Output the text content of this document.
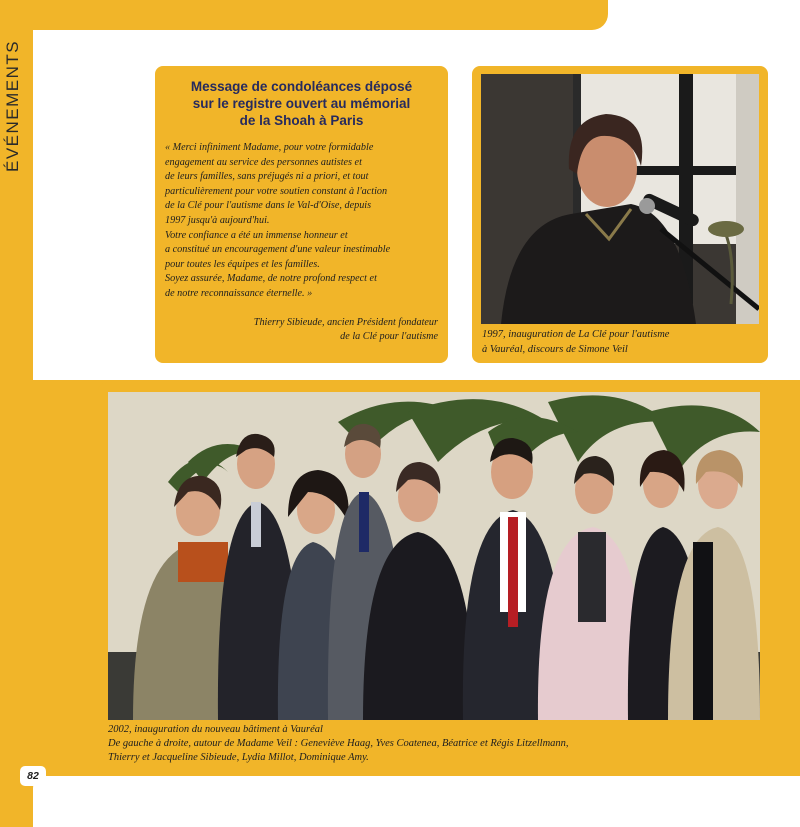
ÉVÉNEMENTS	Message de condoléances déposé
sur le registre ouvert au mémorial
de la Shoah à Paris
« Merci infiniment Madame, pour votre formidable
engagement au service des personnes autistes et
de leurs familles, sans préjugés ni a priori, et tout
particulièrement pour votre soutien constant à l'action
de la Clé pour l'autisme dans le Val-d'Oise, depuis
1997 jusqu'à aujourd'hui.
Votre confiance a été un immense honneur et
a constitué un encouragement d'une valeur inestimable
pour toutes les équipes et les familles.
Soyez assurée, Madame, de notre profond respect et
de notre reconnaissance éternelle. »
Thierry Sibieude, ancien Président fondateur
de la Clé pour l'autisme	1997, inauguration de La Clé pour l'autisme
à Vauréal, discours de Simone Veil
2002, inauguration du nouveau bâtiment à Vauréal
De gauche à droite, autour de Madame Veil : Geneviève Haag, Yves Coatenea, Béatrice et Régis Litzellmann,
Thierry et Jacqueline Sibieude, Lydia Millot, Dominique Amy.
82
